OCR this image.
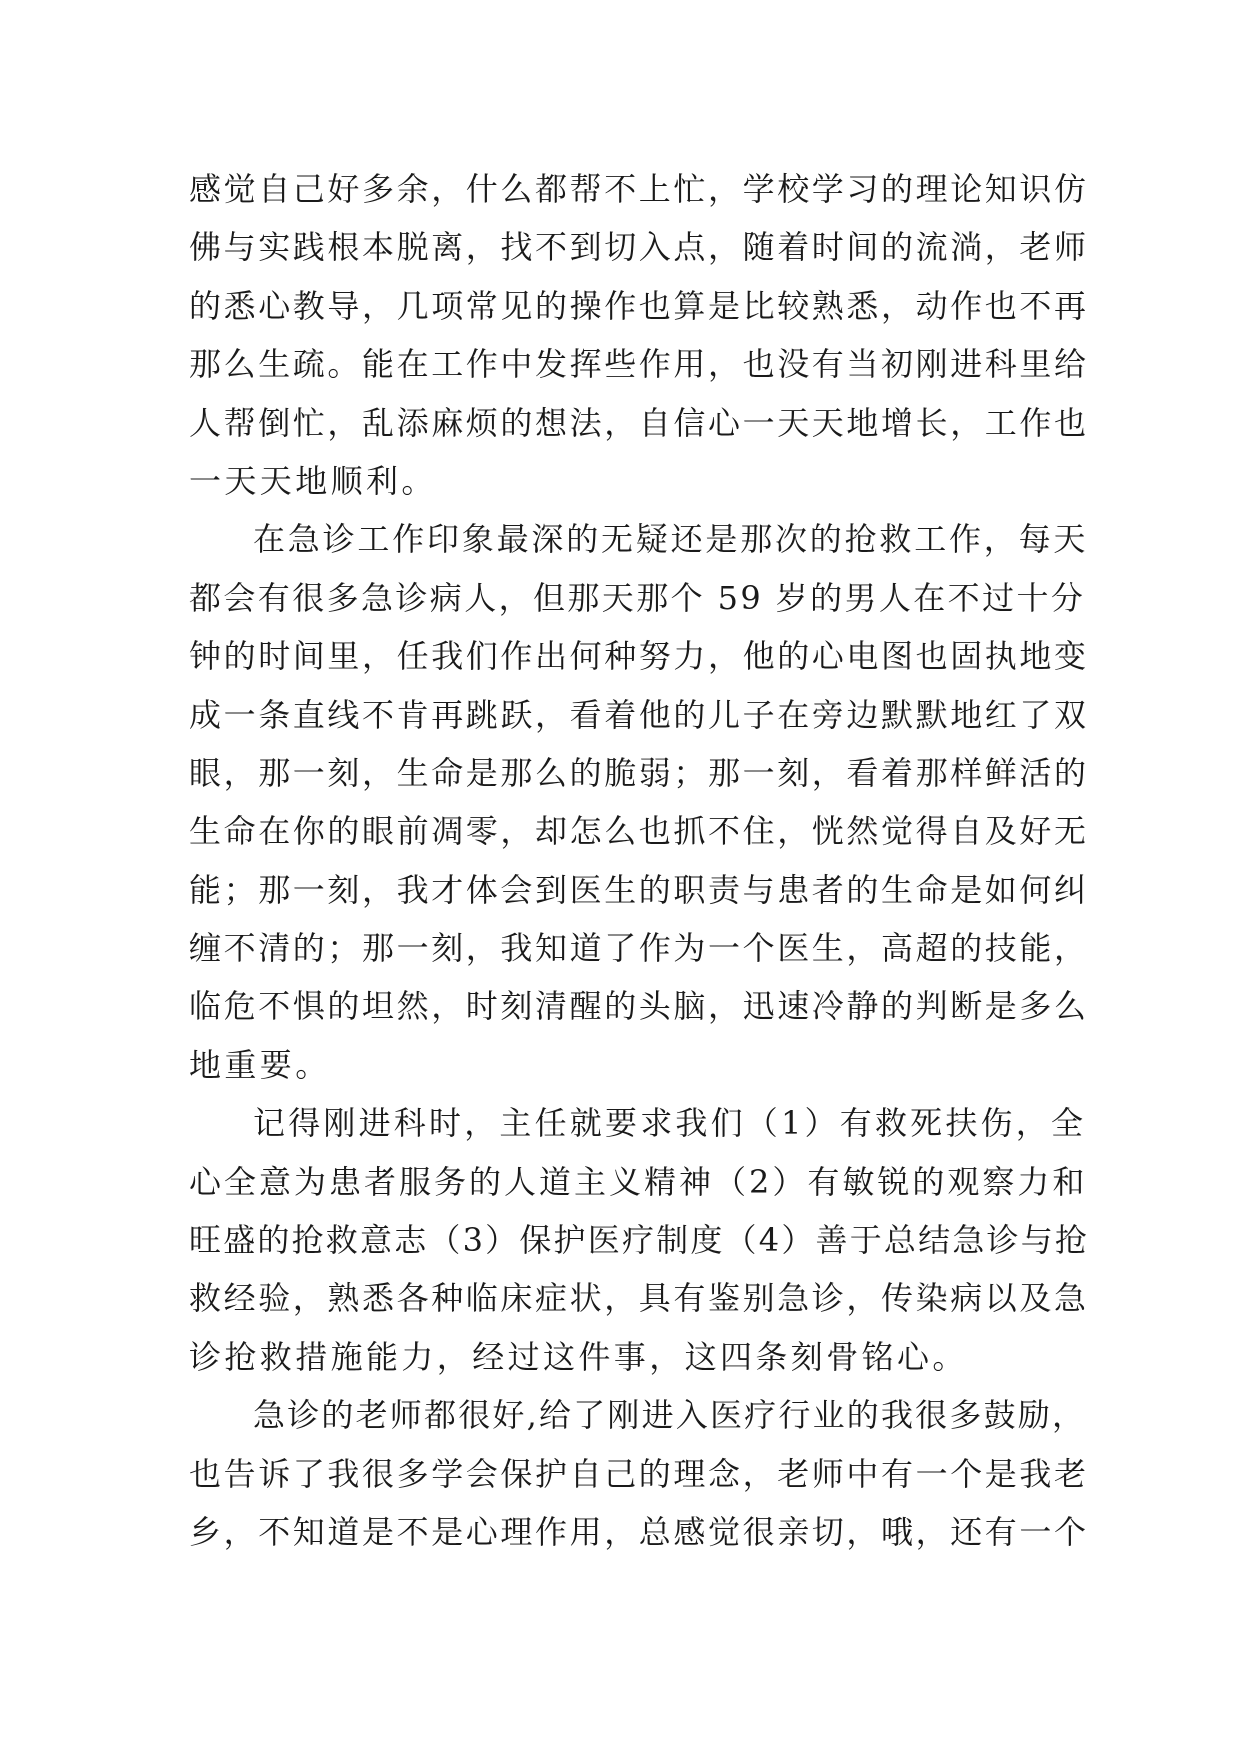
感觉自己好多余，什么都帮不上忙，学校学习的理论知识仿
佛与实践根本脱离，找不到切入点，随着时间的流淌，老师
的悉心教导，几项常见的操作也算是比较熟悉，动作也不再
那么生疏。能在工作中发挥些作用，也没有当初刚进科里给
人帮倒忙，乱添麻烦的想法，自信心一天天地增长，工作也
一天天地顺利。
在急诊工作印象最深的无疑还是那次的抢救工作，每天
都会有很多急诊病人，但那天那个 59 岁的男人在不过十分
钟的时间里，任我们作出何种努力，他的心电图也固执地变
成一条直线不肯再跳跃，看着他的儿子在旁边默默地红了双
眼，那一刻，生命是那么的脆弱；那一刻，看着那样鲜活的
生命在你的眼前凋零，却怎么也抓不住，恍然觉得自及好无
能；那一刻，我才体会到医生的职责与患者的生命是如何纠
缠不清的；那一刻，我知道了作为一个医生，高超的技能，
临危不惧的坦然，时刻清醒的头脑，迅速冷静的判断是多么
地重要。
记得刚进科时，主任就要求我们（1）有救死扶伤，全
心全意为患者服务的人道主义精神（2）有敏锐的观察力和
旺盛的抢救意志（3）保护医疗制度（4）善于总结急诊与抢
救经验，熟悉各种临床症状，具有鉴别急诊，传染病以及急
诊抢救措施能力，经过这件事，这四条刻骨铭心。
急诊的老师都很好,给了刚进入医疗行业的我很多鼓励，
也告诉了我很多学会保护自己的理念，老师中有一个是我老
乡，不知道是不是心理作用，总感觉很亲切，哦，还有一个
